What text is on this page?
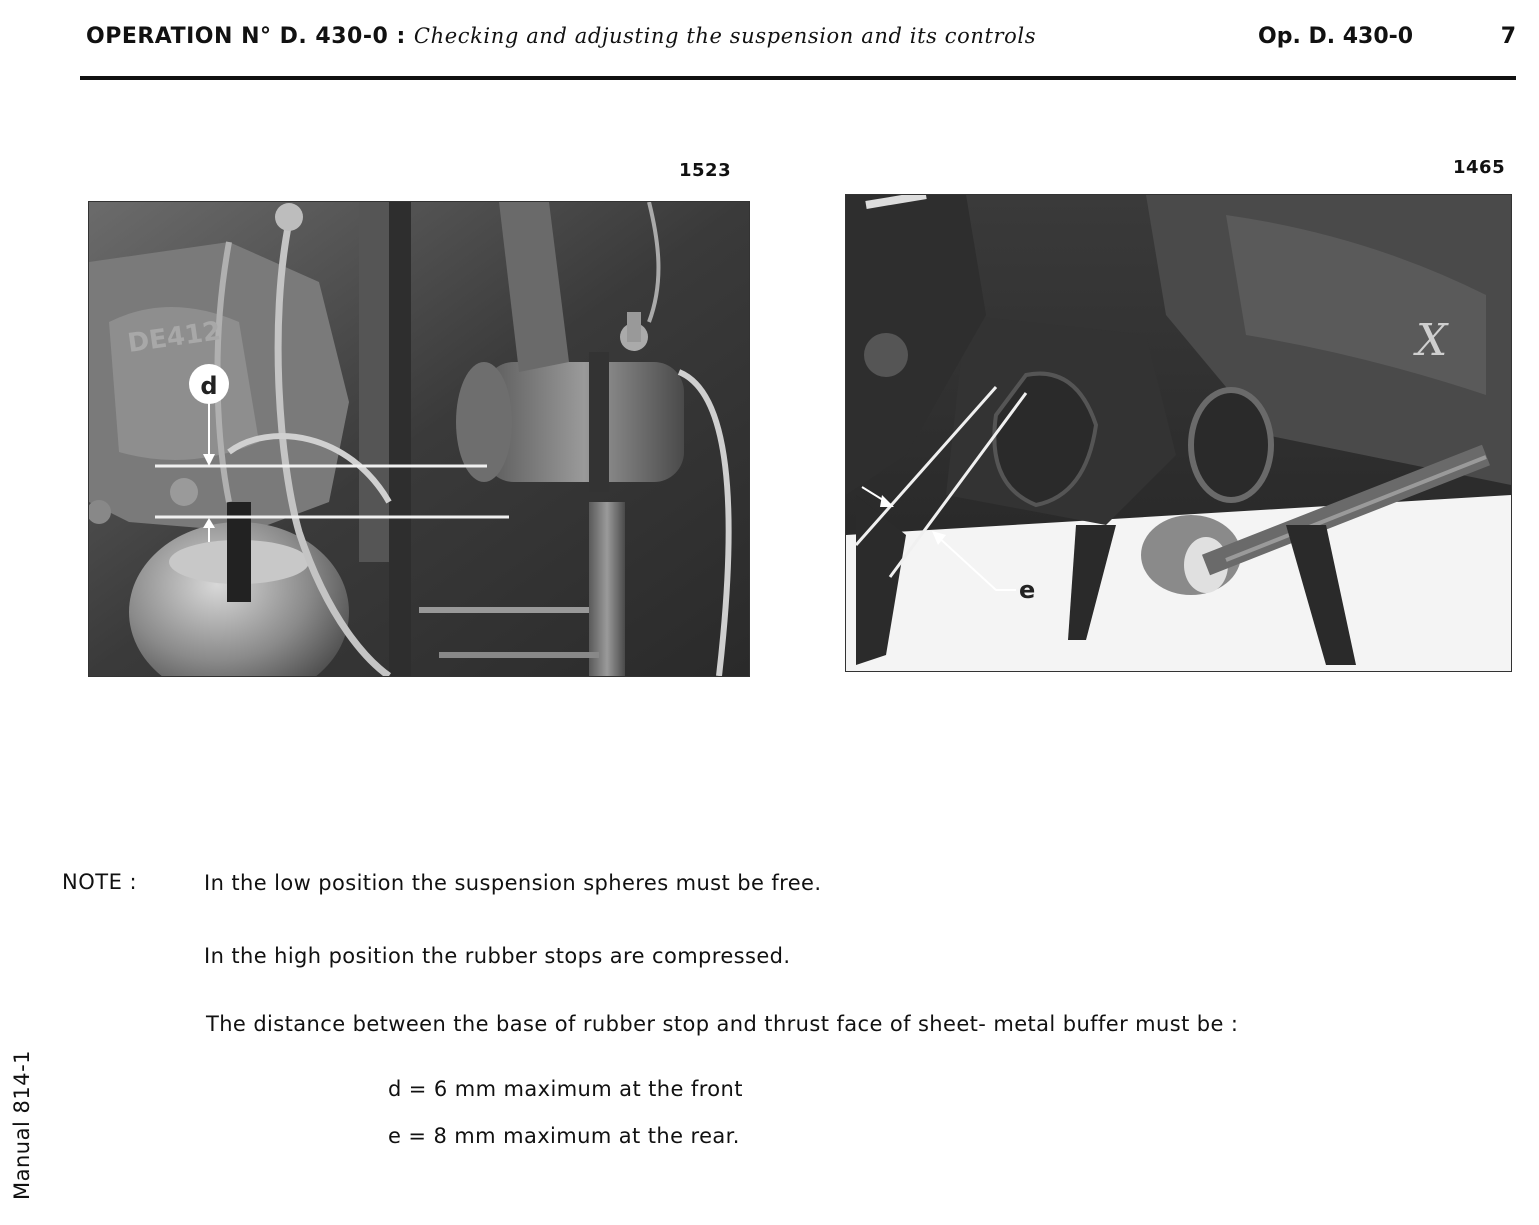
OPERATION N° D. 430-0 : Checking and adjusting the suspension and its controls	Op. D. 430-0	7
1523
DE412
d
1465
X
e
NOTE :	In the low position the suspension spheres must be free.
In the high position the rubber stops are compressed.
The distance between the base of rubber stop and thrust face of sheet- metal buffer must be :
d = 6 mm maximum at the front
e = 8 mm maximum at the rear.
Manual 814-1
